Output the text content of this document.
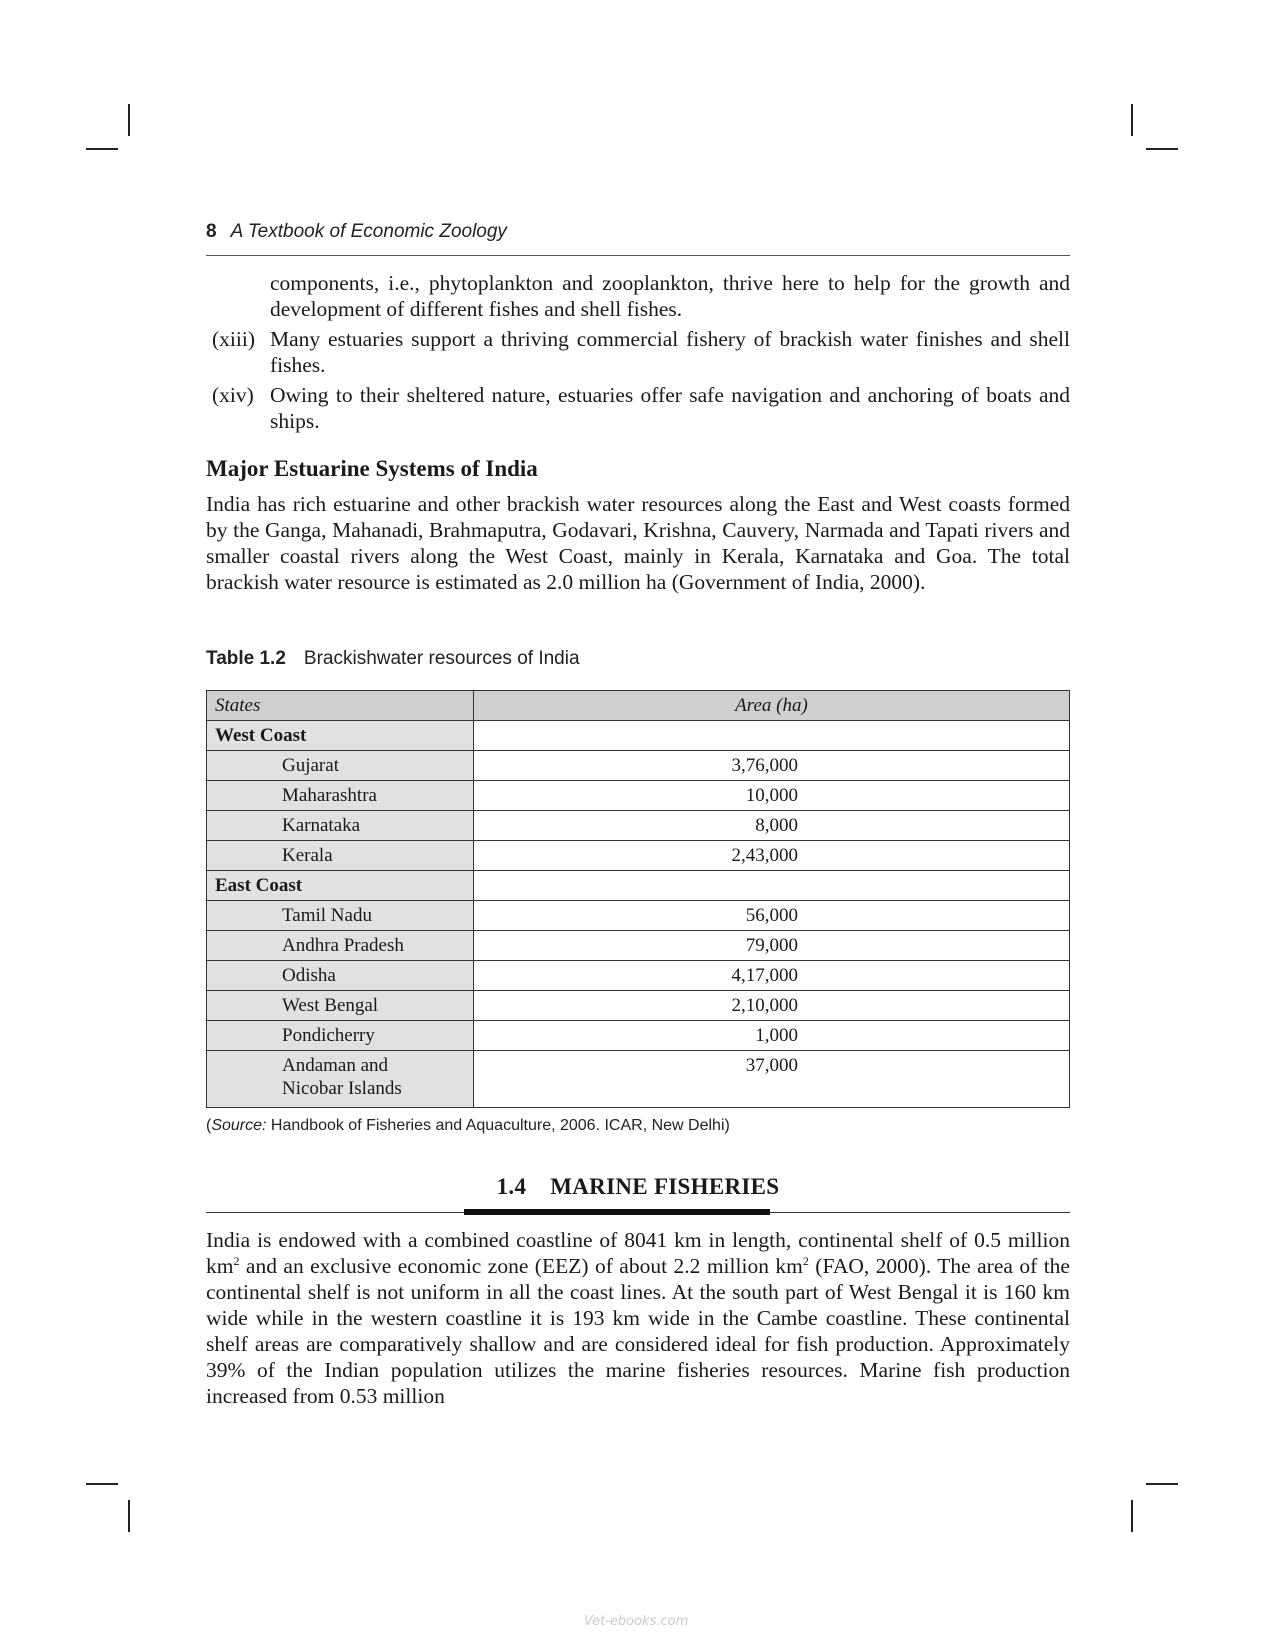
8 A Textbook of Economic Zoology
components, i.e., phytoplankton and zooplankton, thrive here to help for the growth and development of different fishes and shell fishes.
(xiii) Many estuaries support a thriving commercial fishery of brackish water finishes and shell fishes.
(xiv) Owing to their sheltered nature, estuaries offer safe navigation and anchoring of boats and ships.
Major Estuarine Systems of India
India has rich estuarine and other brackish water resources along the East and West coasts formed by the Ganga, Mahanadi, Brahmaputra, Godavari, Krishna, Cauvery, Narmada and Tapati rivers and smaller coastal rivers along the West Coast, mainly in Kerala, Karnataka and Goa. The total brackish water resource is estimated as 2.0 million ha (Government of India, 2000).
Table 1.2 Brackishwater resources of India
States	Area (ha)

West Coast	

Gujarat	3,76,000

Maharashtra	10,000

Karnataka	8,000

Kerala	2,43,000

East Coast	

Tamil Nadu	56,000

Andhra Pradesh	79,000

Odisha	4,17,000

West Bengal	2,10,000

Pondicherry	1,000

Andaman and
Nicobar Islands	37,000
(Source: Handbook of Fisheries and Aquaculture, 2006. ICAR, New Delhi)
1.4 MARINE FISHERIES
India is endowed with a combined coastline of 8041 km in length, continental shelf of 0.5 million $km^2$ and an exclusive economic zone (EEZ) of about 2.2 million $km^2$ (FAO, 2000). The area of the continental shelf is not uniform in all the coast lines. At the south part of West Bengal it is 160 km wide while in the western coastline it is 193 km wide in the Cambe coastline. These continental shelf areas are comparatively shallow and are considered ideal for fish production. Approximately 39% of the Indian population utilizes the marine fisheries resources. Marine fish production increased from 0.53 million
Vet-ebooks.com
